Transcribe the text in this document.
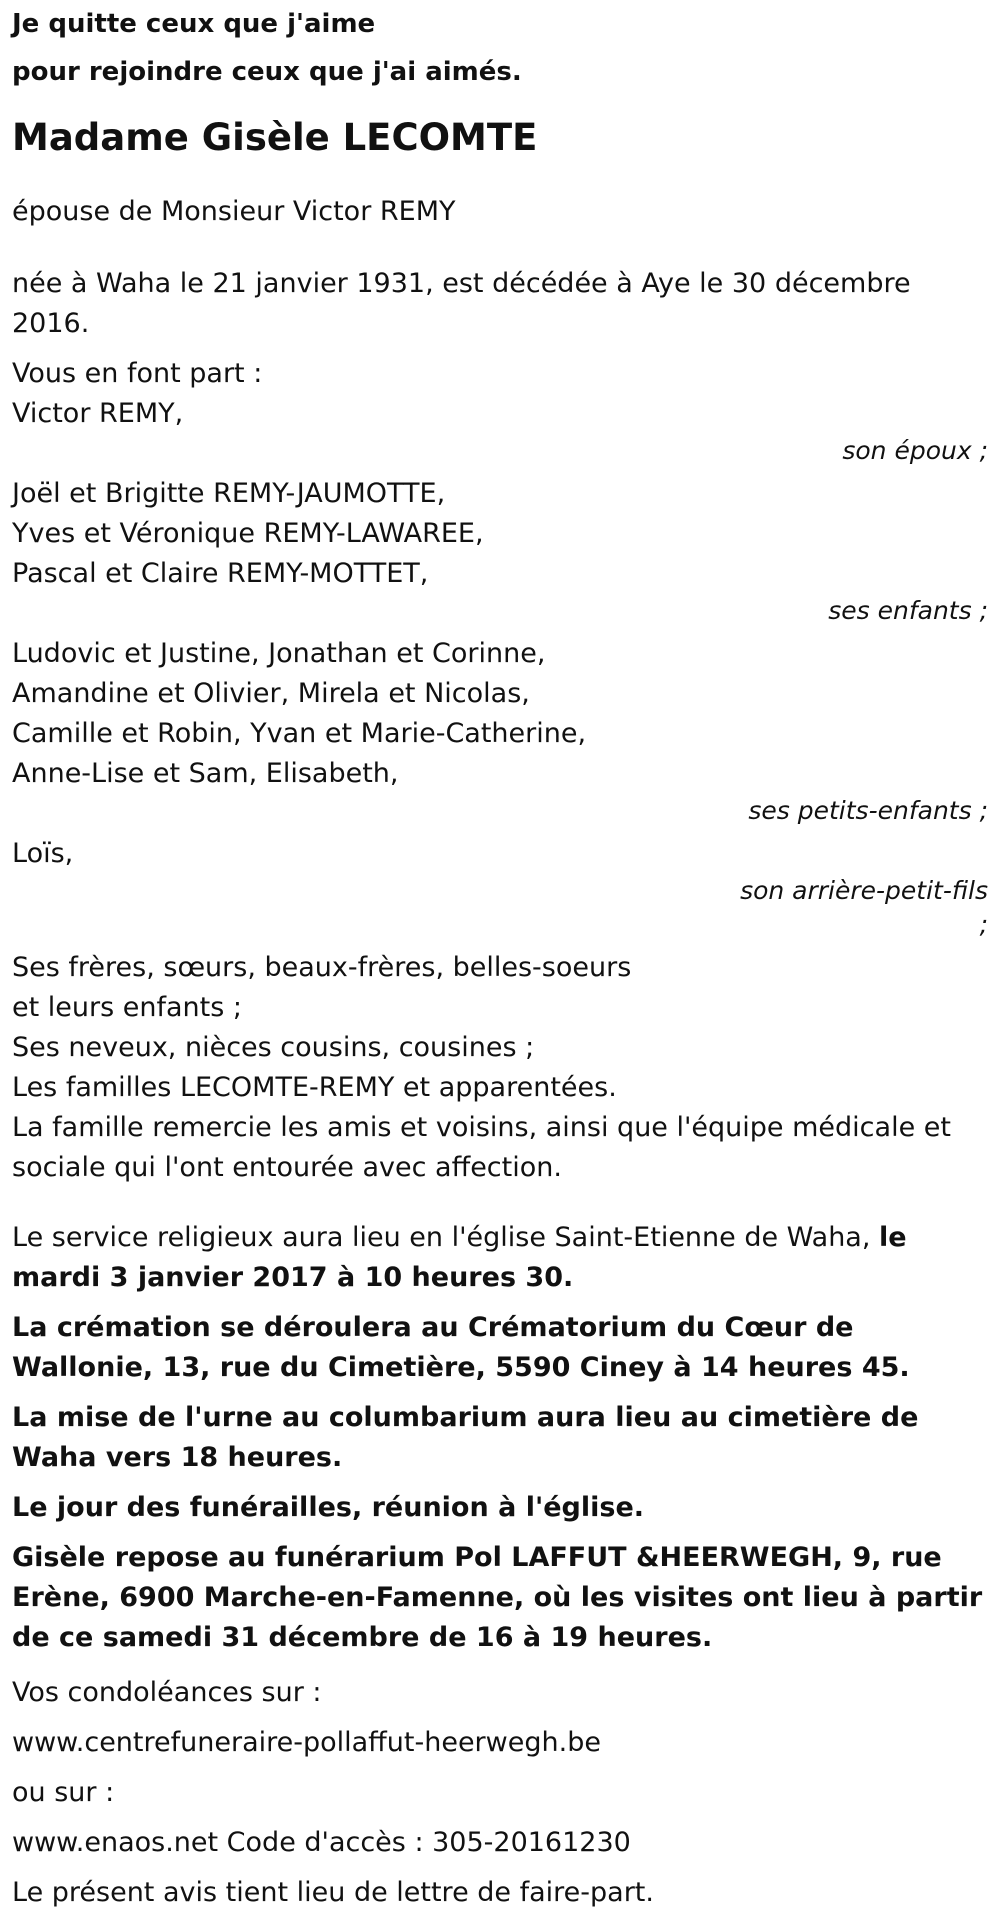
Je quitte ceux que j'aime

pour rejoindre ceux que j'ai aimés.

Madame Gisèle LECOMTE

épouse de Monsieur Victor REMY

née à Waha le 21 janvier 1931, est décédée à Aye le 30 décembre 2016.

Vous en font part :

Victor REMY,

son époux ;

Joël et Brigitte REMY-JAUMOTTE,

Yves et Véronique REMY-LAWAREE,

Pascal et Claire REMY-MOTTET,

ses enfants ;

Ludovic et Justine, Jonathan et Corinne,

Amandine et Olivier, Mirela et Nicolas,

Camille et Robin, Yvan et Marie-Catherine,

Anne-Lise et Sam, Elisabeth,

ses petits-enfants ;

Loïs,

son arrière-petit-fils

;

Ses frères, sœurs, beaux-frères, belles-soeurs

et leurs enfants ;

Ses neveux, nièces cousins, cousines ;

Les familles LECOMTE-REMY et apparentées.

La famille remercie les amis et voisins, ainsi que l'équipe médicale et sociale qui l'ont entourée avec affection.

Le service religieux aura lieu en l'église Saint-Etienne de Waha, le mardi 3 janvier 2017 à 10 heures 30.

La crémation se déroulera au Crématorium du Cœur de Wallonie, 13, rue du Cimetière, 5590 Ciney à 14 heures 45.

La mise de l'urne au columbarium aura lieu au cimetière de Waha vers 18 heures.

Le jour des funérailles, réunion à l'église.

Gisèle repose au funérarium Pol LAFFUT &HEERWEGH, 9, rue Erène, 6900 Marche-en-Famenne, où les visites ont lieu à partir de ce samedi 31 décembre de 16 à 19 heures.

Vos condoléances sur :

www.centrefuneraire-pollaffut-heerwegh.be

ou sur :

www.enaos.net Code d'accès : 305-20161230

Le présent avis tient lieu de lettre de faire-part.
